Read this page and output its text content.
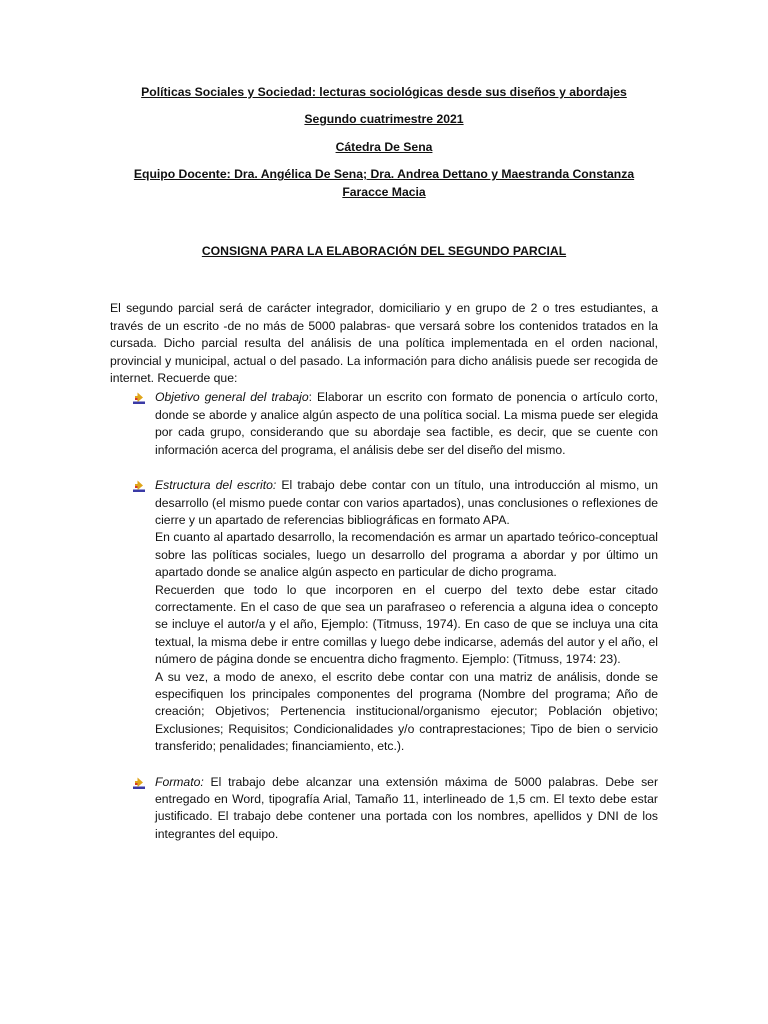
Políticas Sociales y Sociedad: lecturas sociológicas desde sus diseños y abordajes

Segundo cuatrimestre 2021

Cátedra De Sena

Equipo Docente: Dra. Angélica De Sena; Dra. Andrea Dettano y Maestranda Constanza Faracce Macia

CONSIGNA PARA LA ELABORACIÓN DEL SEGUNDO PARCIAL

El segundo parcial será de carácter integrador, domiciliario y en grupo de 2 o tres estudiantes, a través de un escrito -de no más de 5000 palabras- que versará sobre los contenidos tratados en la cursada. Dicho parcial resulta del análisis de una política implementada en el orden nacional, provincial y municipal, actual o del pasado. La información para dicho análisis puede ser recogida de internet. Recuerde que:

Objetivo general del trabajo: Elaborar un escrito con formato de ponencia o artículo corto, donde se aborde y analice algún aspecto de una política social. La misma puede ser elegida por cada grupo, considerando que su abordaje sea factible, es decir, que se cuente con información acerca del programa, el análisis debe ser del diseño del mismo.

Estructura del escrito: El trabajo debe contar con un título, una introducción al mismo, un desarrollo (el mismo puede contar con varios apartados), unas conclusiones o reflexiones de cierre y un apartado de referencias bibliográficas en formato APA.

En cuanto al apartado desarrollo, la recomendación es armar un apartado teórico-conceptual sobre las políticas sociales, luego un desarrollo del programa a abordar y por último un apartado donde se analice algún aspecto en particular de dicho programa.

Recuerden que todo lo que incorporen en el cuerpo del texto debe estar citado correctamente. En el caso de que sea un parafraseo o referencia a alguna idea o concepto se incluye el autor/a y el año, Ejemplo: (Titmuss, 1974). En caso de que se incluya una cita textual, la misma debe ir entre comillas y luego debe indicarse, además del autor y el año, el número de página donde se encuentra dicho fragmento. Ejemplo: (Titmuss, 1974: 23).

A su vez, a modo de anexo, el escrito debe contar con una matriz de análisis, donde se especifiquen los principales componentes del programa (Nombre del programa; Año de creación; Objetivos; Pertenencia institucional/organismo ejecutor; Población objetivo; Exclusiones; Requisitos; Condicionalidades y/o contraprestaciones; Tipo de bien o servicio transferido; penalidades; financiamiento, etc.).

Formato: El trabajo debe alcanzar una extensión máxima de 5000 palabras. Debe ser entregado en Word, tipografía Arial, Tamaño 11, interlineado de 1,5 cm. El texto debe estar justificado. El trabajo debe contener una portada con los nombres, apellidos y DNI de los integrantes del equipo.
